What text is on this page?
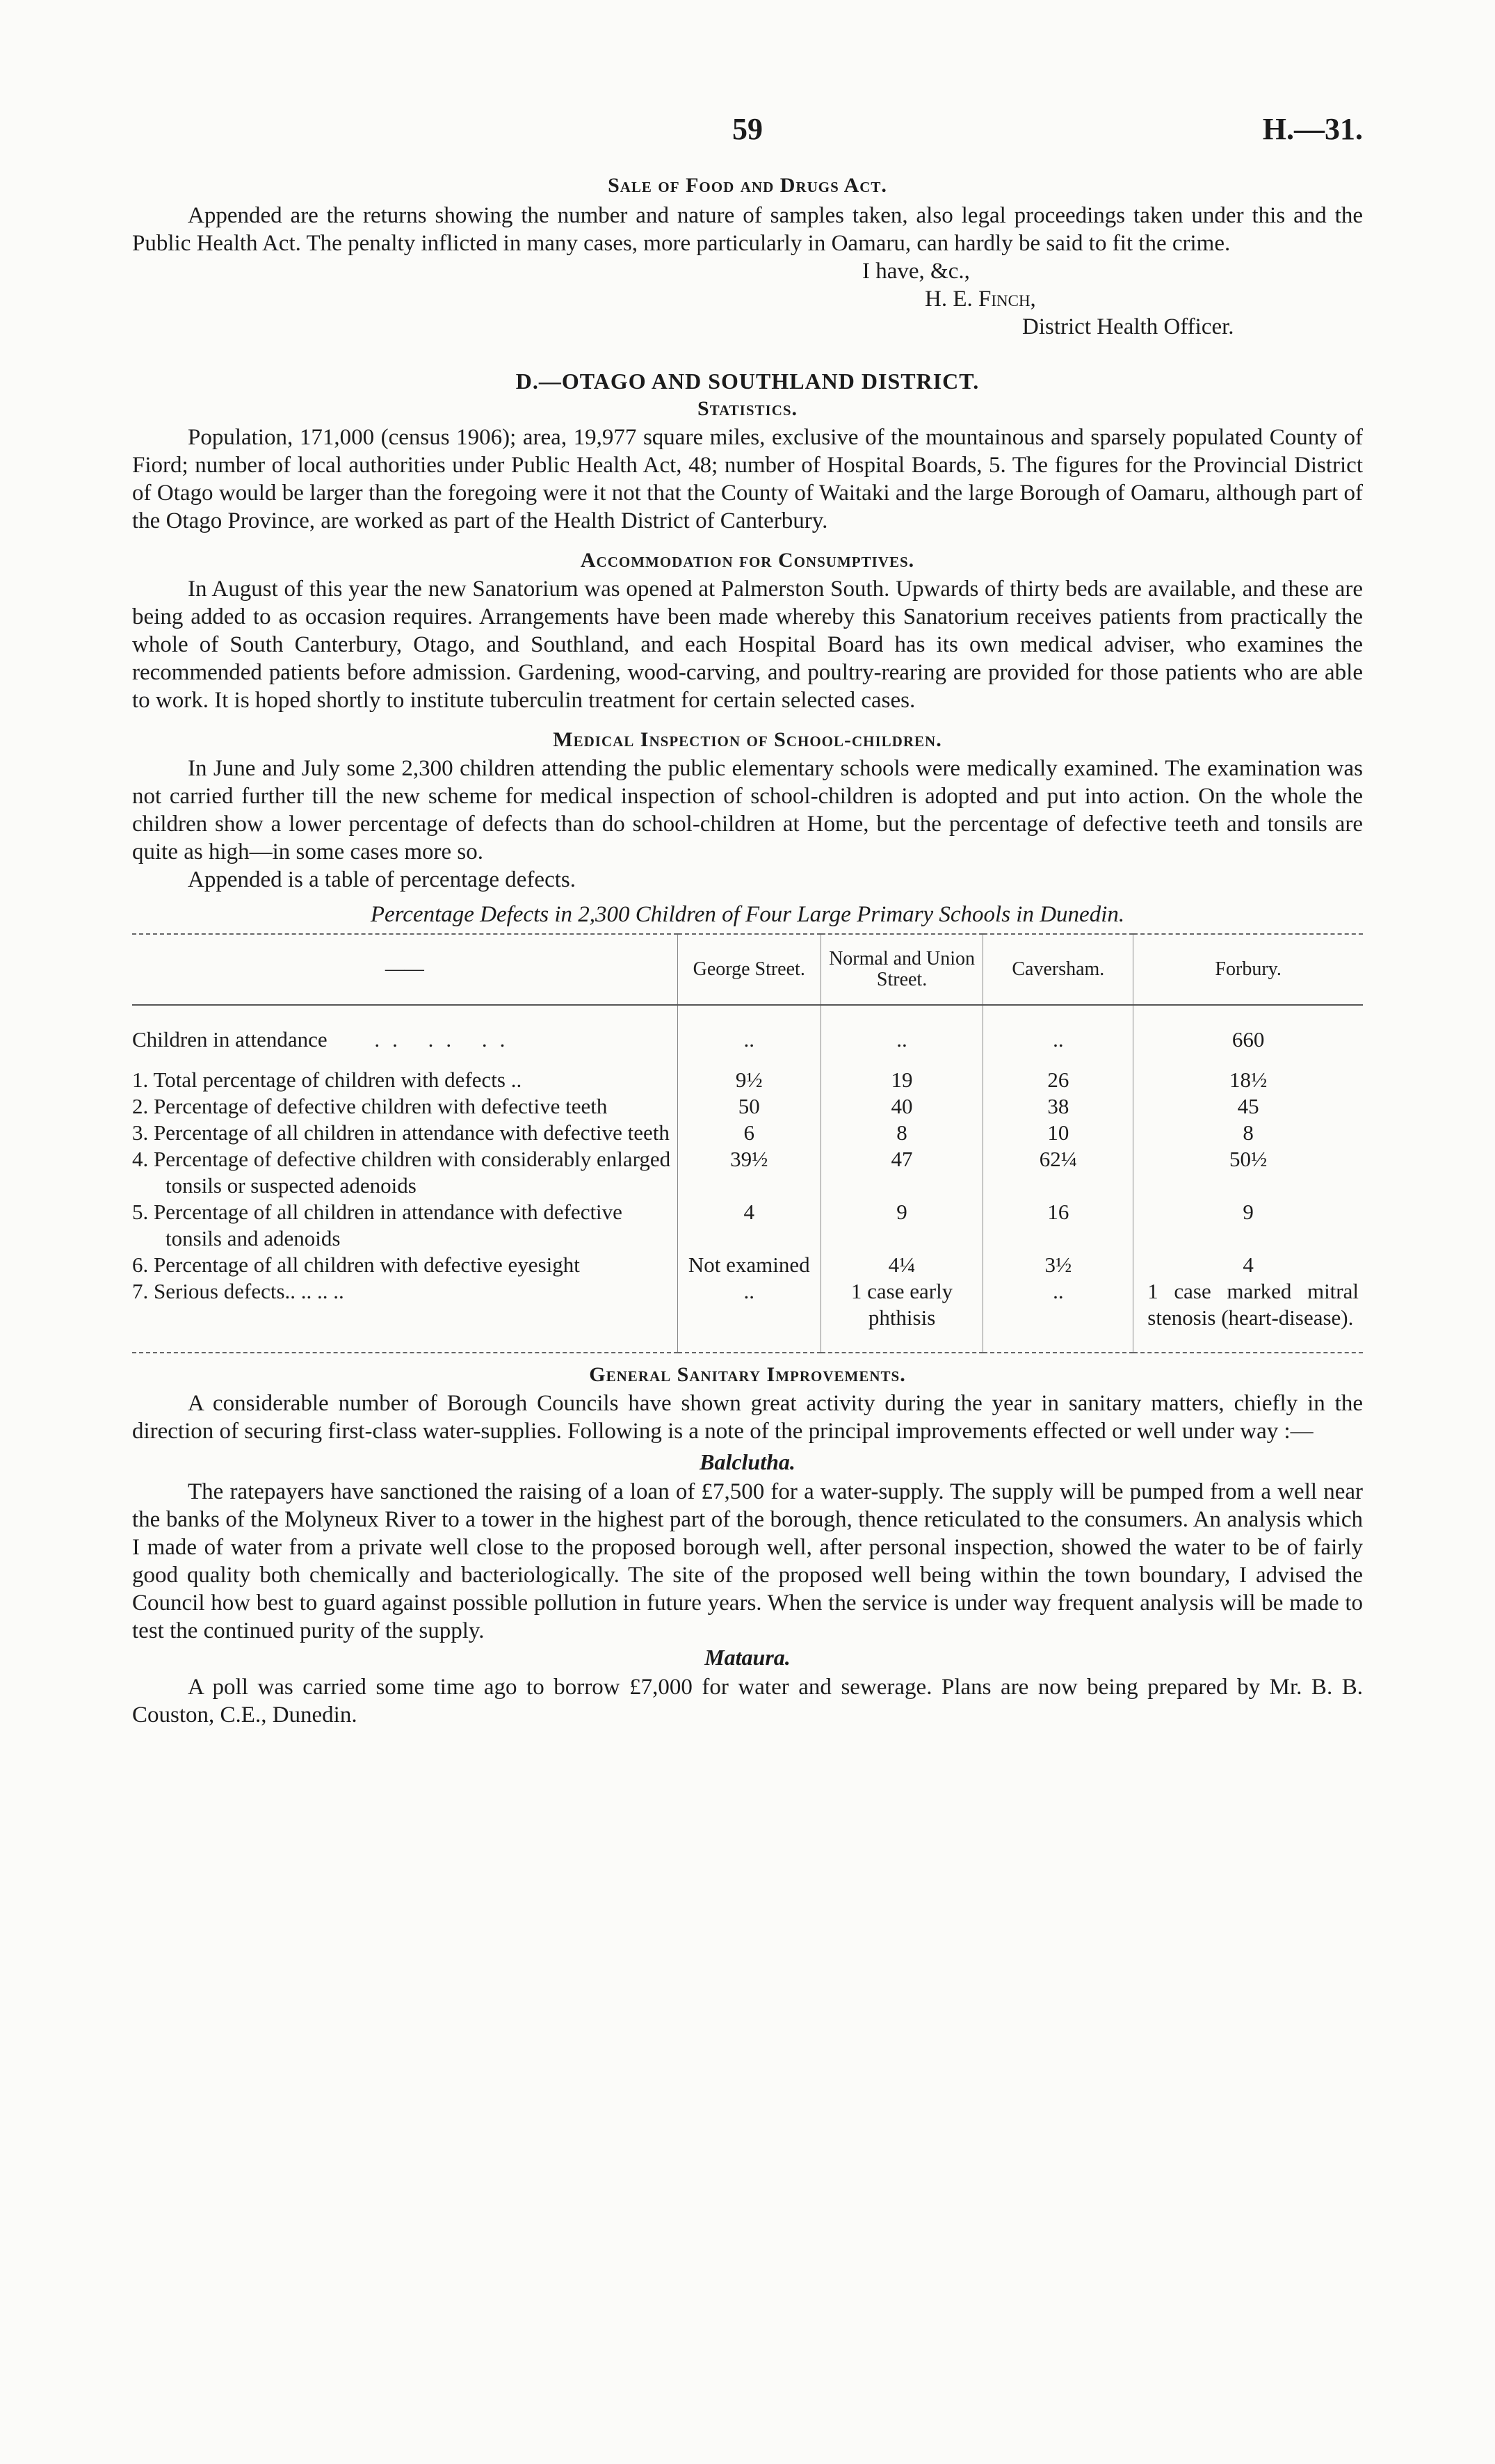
59	H.—31.
Sale of Food and Drugs Act.

Appended are the returns showing the number and nature of samples taken, also legal proceedings taken under this and the Public Health Act. The penalty inflicted in many cases, more particularly in Oamaru, can hardly be said to fit the crime.

I have, &c.,

H. E. Finch,

District Health Officer.

D.—OTAGO AND SOUTHLAND DISTRICT.
Statistics.

Population, 171,000 (census 1906); area, 19,977 square miles, exclusive of the mountainous and sparsely populated County of Fiord; number of local authorities under Public Health Act, 48; number of Hospital Boards, 5. The figures for the Provincial District of Otago would be larger than the foregoing were it not that the County of Waitaki and the large Borough of Oamaru, although part of the Otago Province, are worked as part of the Health District of Canterbury.

Accommodation for Consumptives.

In August of this year the new Sanatorium was opened at Palmerston South. Upwards of thirty beds are available, and these are being added to as occasion requires. Arrangements have been made whereby this Sanatorium receives patients from practically the whole of South Canterbury, Otago, and Southland, and each Hospital Board has its own medical adviser, who examines the recommended patients before admission. Gardening, wood-carving, and poultry-rearing are provided for those patients who are able to work. It is hoped shortly to institute tuberculin treatment for certain selected cases.

Medical Inspection of School-children.

In June and July some 2,300 children attending the public elementary schools were medically examined. The examination was not carried further till the new scheme for medical inspection of school-children is adopted and put into action. On the whole the children show a lower percentage of defects than do school-children at Home, but the percentage of defective teeth and tonsils are quite as high—in some cases more so.

Appended is a table of percentage defects.

Percentage Defects in 2,300 Children of Four Large Primary Schools in Dunedin.
——	George Street.	Normal and Union Street.	Caversham.	Forbury.
Children in attendance .. .. ..	..	..	..	660

1. Total percentage of children with defects ..	9½	19	26	18½

2. Percentage of defective children with defective teeth	50	40	38	45

3. Percentage of all children in attendance with defective teeth	6	8	10	8

4. Percentage of defective children with considerably enlarged tonsils or suspected adenoids	39½	47	62¼	50½

5. Percentage of all children in attendance with defective tonsils and adenoids	4	9	16	9

6. Percentage of all children with defective eyesight	Not examined	4¼	3½	4

7. Serious defects.. .. .. ..	..	1 case early phthisis	..	1 case marked mitral stenosis (heart-disease).
General Sanitary Improvements.

A considerable number of Borough Councils have shown great activity during the year in sanitary matters, chiefly in the direction of securing first-class water-supplies. Following is a note of the principal improvements effected or well under way :—

Balclutha.

The ratepayers have sanctioned the raising of a loan of £7,500 for a water-supply. The supply will be pumped from a well near the banks of the Molyneux River to a tower in the highest part of the borough, thence reticulated to the consumers. An analysis which I made of water from a private well close to the proposed borough well, after personal inspection, showed the water to be of fairly good quality both chemically and bacteriologically. The site of the proposed well being within the town boundary, I advised the Council how best to guard against possible pollution in future years. When the service is under way frequent analysis will be made to test the continued purity of the supply.

Mataura.

A poll was carried some time ago to borrow £7,000 for water and sewerage. Plans are now being prepared by Mr. B. B. Couston, C.E., Dunedin.
